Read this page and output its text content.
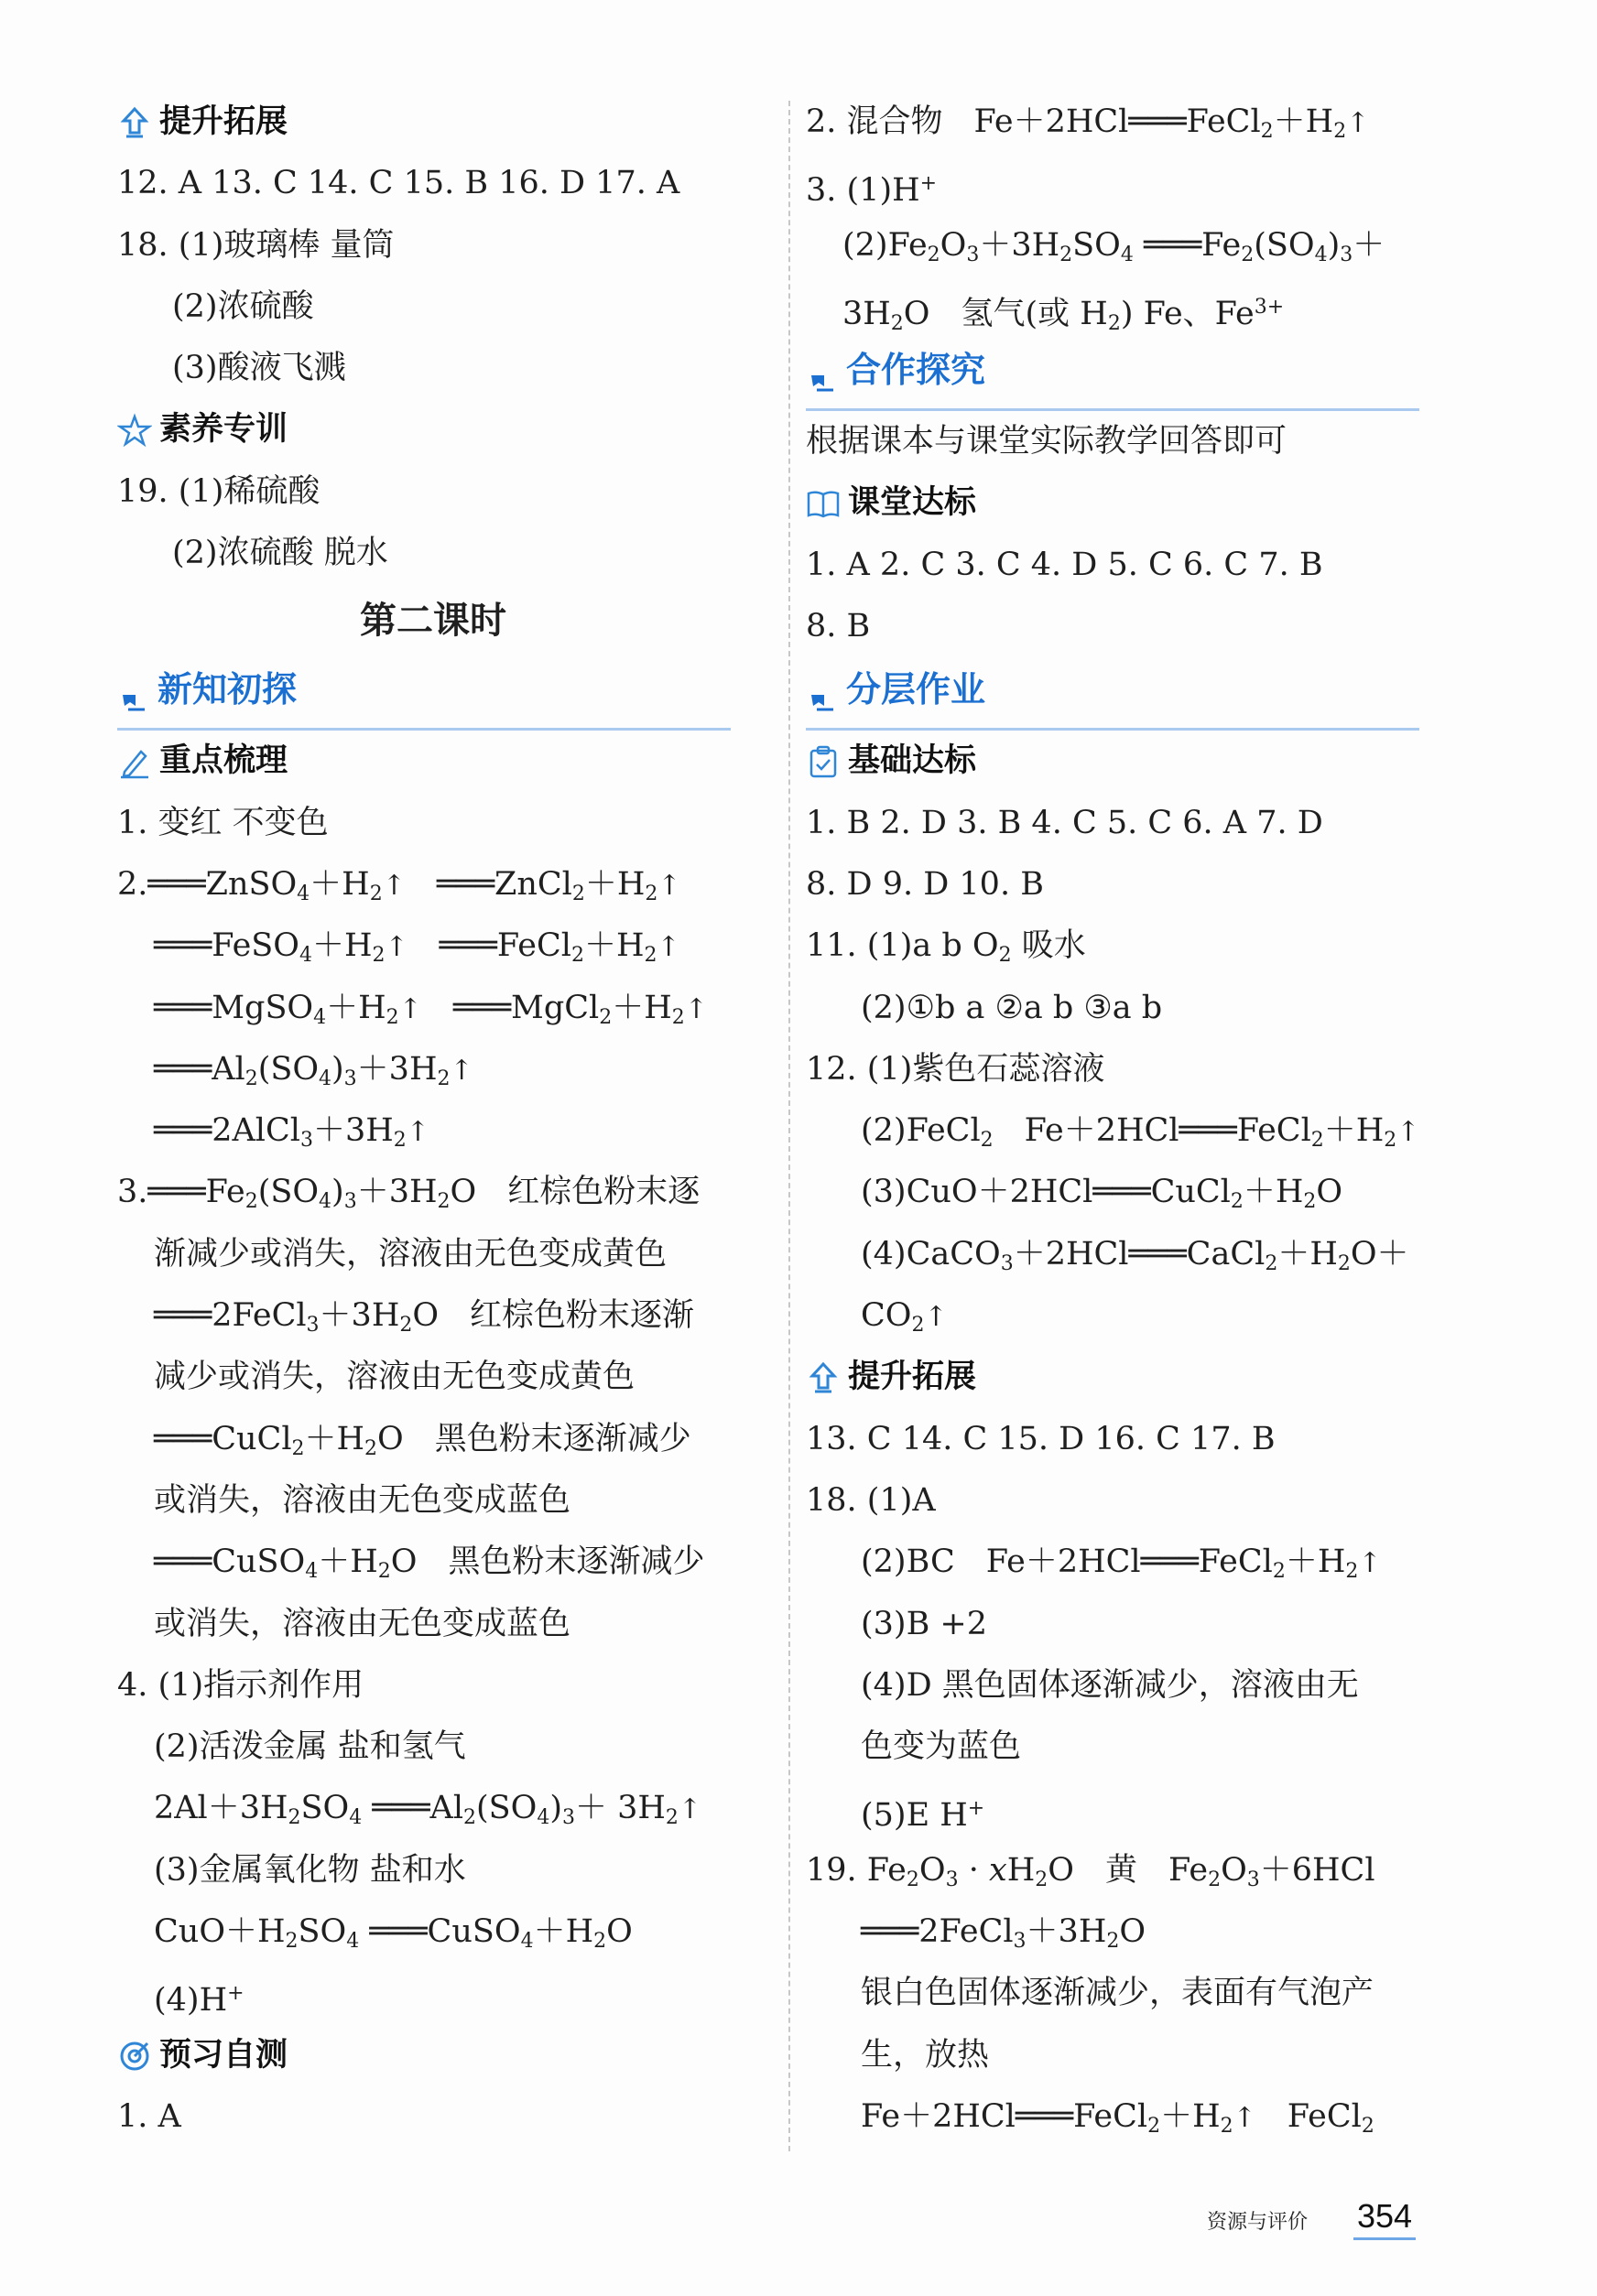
提升拓展
12. A 13. C 14. C 15. B 16. D 17. A
18. (1)玻璃棒 量筒
(2)浓硫酸
(3)酸液飞溅
素养专训
19. (1)稀硫酸
(2)浓硫酸 脱水
第二课时
新知初探
重点梳理
1. 变红 不变色
$2.═══ZnSO_4+H_2↑$ $═══ZnCl_2+H_2↑$
$═══FeSO_4+H_2↑$ $═══FeCl_2+H_2↑$
$═══MgSO_4+H_2↑$ $═══MgCl_2+H_2↑$
$═══Al_2(SO_4)_3+3H_2↑$
$═══2AlCl_3+3H_2↑$
$3.═══Fe_2(SO_4)_3+3H_2O$ 红棕色粉末逐
渐减少或消失，溶液由无色变成黄色
$═══2FeCl_3+3H_2O$ 红棕色粉末逐渐
减少或消失，溶液由无色变成黄色
$═══CuCl_2+H_2O$ 黑色粉末逐渐减少
或消失，溶液由无色变成蓝色
$═══CuSO_4+H_2O$ 黑色粉末逐渐减少
或消失，溶液由无色变成蓝色
4. (1)指示剂作用
(2)活泼金属 盐和氢气
$2Al+3H_2SO_4$ $═══Al_2(SO_4)_3+$ $3H_2↑$
(3)金属氧化物 盐和水
$CuO+H_2SO_4$ $═══CuSO_4+H_2O$
(4)H+
预习自测
1. A
2. 混合物 $Fe+2HCl═══FeCl_2+H_2↑$
3. (1)H+
$(2)Fe_2O_3+3H_2SO_4$ $═══Fe_2(SO_4)_3+$
$3H_2O$ 氢气(或 $H_2$) Fe、$Fe^{3+}$
合作探究
根据课本与课堂实际教学回答即可
课堂达标
1. A 2. C 3. C 4. D 5. C 6. C 7. B
8. B
分层作业
基础达标
1. B 2. D 3. B 4. C 5. C 6. A 7. D
8. D 9. D 10. B
11. (1)a b $O_2$ 吸水
(2)①b a ②a b ③a b
12. (1)紫色石蕊溶液
(2)FeCl$_2$ $Fe+2HCl═══FeCl_2+H_2↑$
$(3)CuO+2HCl═══CuCl_2+H_2O$
$(4)CaCO_3+2HCl═══CaCl_2+H_2O+$
$CO_2↑$
提升拓展
13. C 14. C 15. D 16. C 17. B
18. (1)A
(2)BC $Fe+2HCl═══FeCl_2+H_2↑$
(3)B +2
(4)D 黑色固体逐渐减少，溶液由无
色变为蓝色
(5)E H+
19. $Fe_2O_3 \cdot xH_2O$ 黄 $Fe_2O_3+6HCl$
$═══2FeCl_3+3H_2O$
银白色固体逐渐减少，表面有气泡产
生，放热
$Fe+2HCl═══FeCl_2+H_2↑$ FeCl$_2$
资源与评价 354
